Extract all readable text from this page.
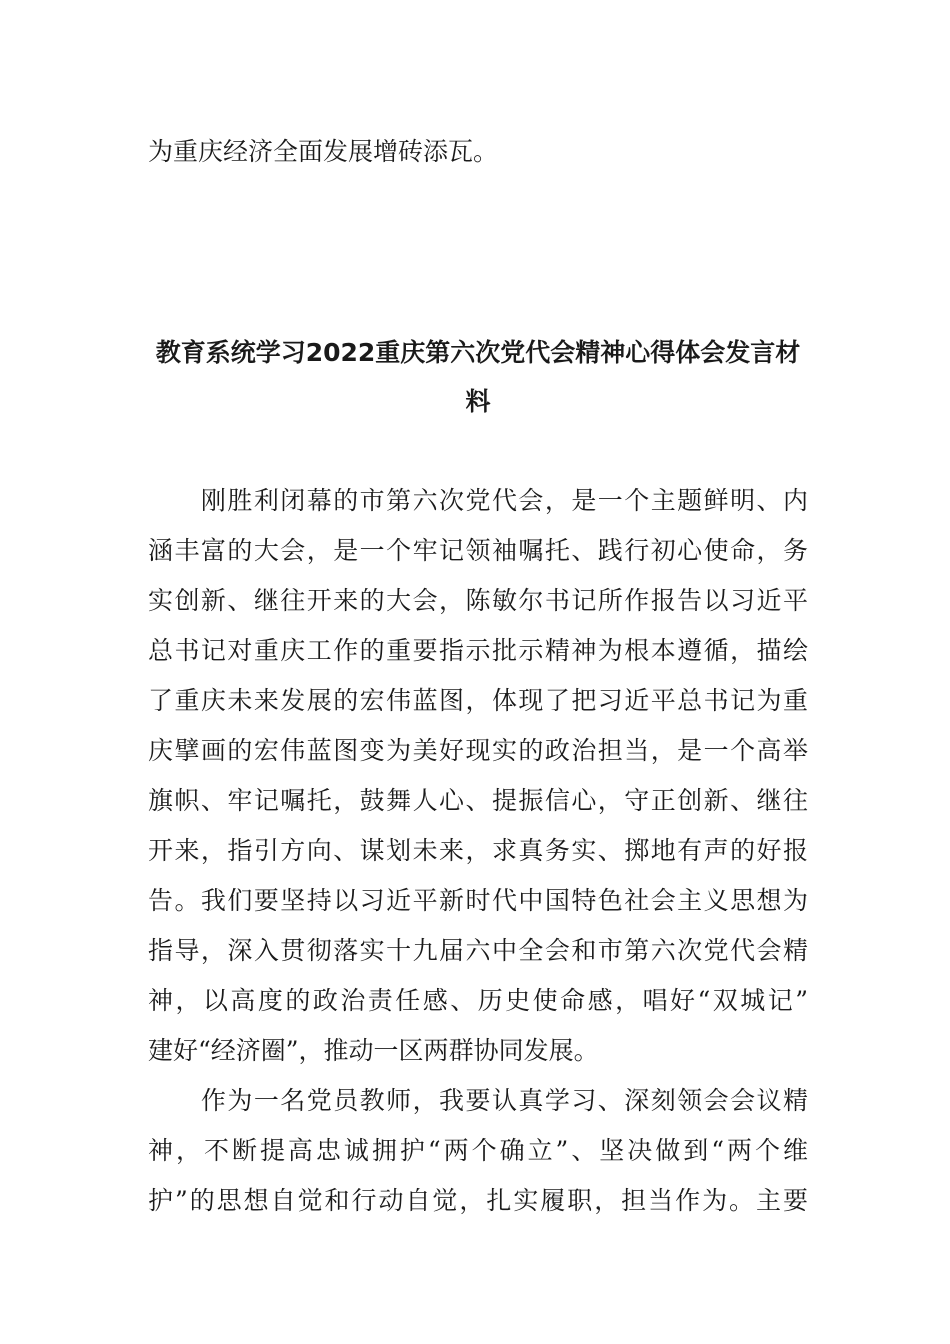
为重庆经济全面发展增砖添瓦。
教育系统学习2022重庆第六次党代会精神心得体会发言材
料
　　刚胜利闭幕的市第六次党代会，是一个主题鲜明、内
涵丰富的大会，是一个牢记领袖嘱托、践行初心使命，务
实创新、继往开来的大会，陈敏尔书记所作报告以习近平
总书记对重庆工作的重要指示批示精神为根本遵循，描绘
了重庆未来发展的宏伟蓝图，体现了把习近平总书记为重
庆擘画的宏伟蓝图变为美好现实的政治担当，是一个高举
旗帜、牢记嘱托，鼓舞人心、提振信心，守正创新、继往
开来，指引方向、谋划未来，求真务实、掷地有声的好报
告。我们要坚持以习近平新时代中国特色社会主义思想为
指导，深入贯彻落实十九届六中全会和市第六次党代会精
神，以高度的政治责任感、历史使命感，唱好“双城记”
建好“经济圈”，推动一区两群协同发展。
　　作为一名党员教师，我要认真学习、深刻领会会议精
神，不断提高忠诚拥护“两个确立”、坚决做到“两个维
护”的思想自觉和行动自觉，扎实履职，担当作为。主要
